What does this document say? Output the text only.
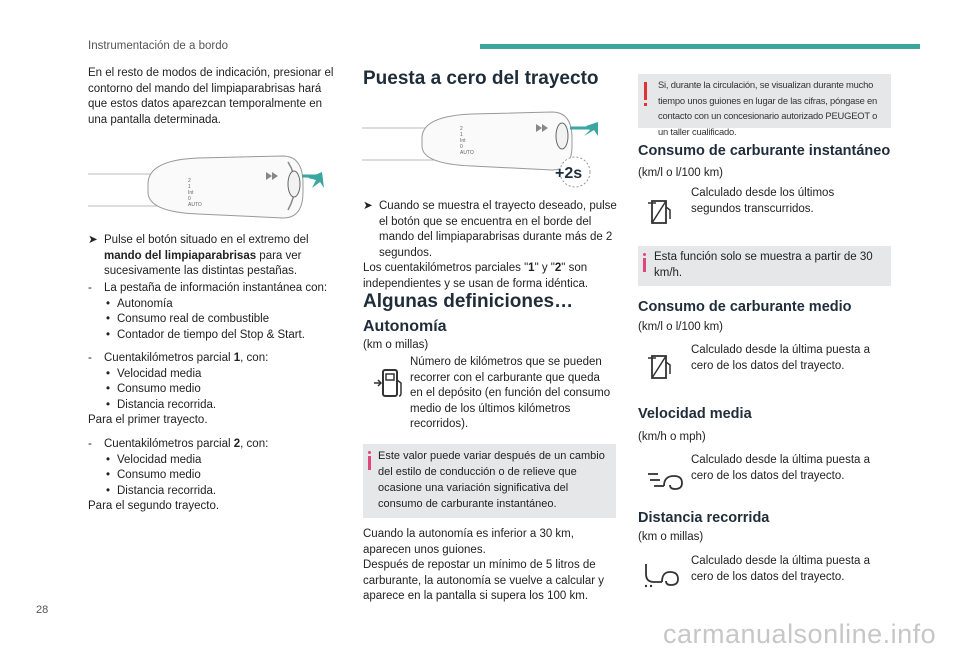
Instrumentación de a bordo

En el resto de modos de indicación, presionar el contorno del mando del limpiaparabrisas hará que estos datos aparezcan temporalmente en una pantalla determinada.

2
1
Int
0
AUTO

➤ Pulse el botón situado en el extremo del mando del limpiaparabrisas para ver sucesivamente las distintas pestañas.

- La pestaña de información instantánea con:

• Autonomía
• Consumo real de combustible
• Contador de tiempo del Stop & Start.

- Cuentakilómetros parcial 1, con:

• Velocidad media
• Consumo medio
• Distancia recorrida.

Para el primer trayecto.

- Cuentakilómetros parcial 2, con:

• Velocidad media
• Consumo medio
• Distancia recorrida.

Para el segundo trayecto.

Puesta a cero del trayecto
2
1
Int
0
AUTO
+2s

➤ Cuando se muestra el trayecto deseado, pulse el botón que se encuentra en el borde del mando del limpiaparabrisas durante más de 2 segundos.

Los cuentakilómetros parciales "1" y "2" son independientes y se usan de forma idéntica.

Algunas definiciones…
Autonomía

(km o millas)

Número de kilómetros que se pueden recorrer con el carburante que queda en el depósito (en función del consumo medio de los últimos kilómetros recorridos).

Este valor puede variar después de un cambio del estilo de conducción o de relieve que ocasione una variación significativa del consumo de carburante instantáneo.

Cuando la autonomía es inferior a 30 km, aparecen unos guiones.
Después de repostar un mínimo de 5 litros de carburante, la autonomía se vuelve a calcular y aparece en la pantalla si supera los 100 km.

Si, durante la circulación, se visualizan durante mucho tiempo unos guiones en lugar de las cifras, póngase en contacto con un concesionario autorizado PEUGEOT o un taller cualificado.

Consumo de carburante instantáneo

(km/l o l/100 km)

Calculado desde los últimos segundos transcurridos.

Esta función solo se muestra a partir de 30 km/h.

Consumo de carburante medio

(km/l o l/100 km)

Calculado desde la última puesta a cero de los datos del trayecto.

Velocidad media

(km/h o mph)

Calculado desde la última puesta a cero de los datos del trayecto.

Distancia recorrida

(km o millas)

Calculado desde la última puesta a cero de los datos del trayecto.

28
carmanualsonline.info
